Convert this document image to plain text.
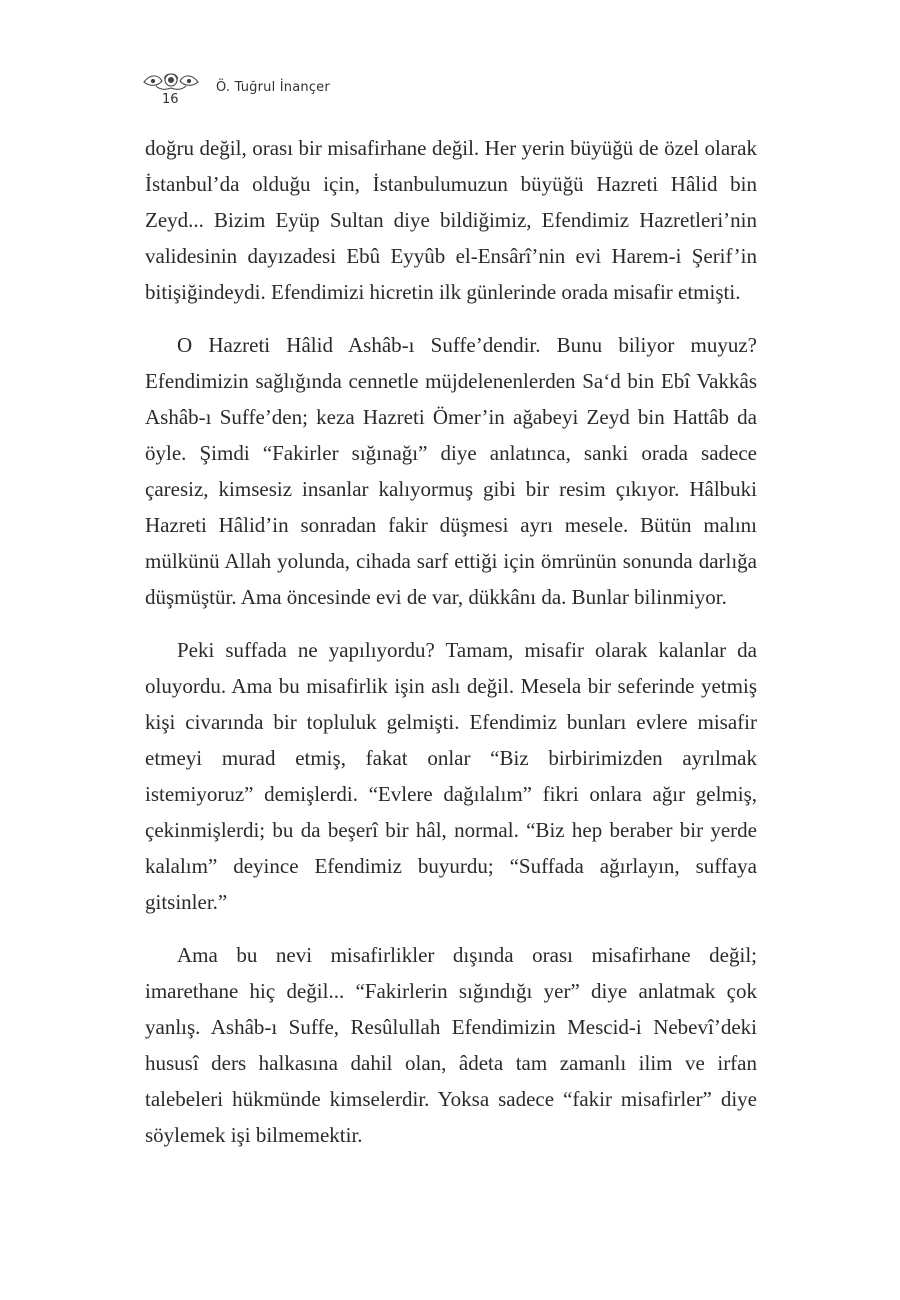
16
Ö. Tuğrul İnançer

doğru değil, orası bir misafirhane değil. Her yerin büyüğü de özel olarak İstanbul’da olduğu için, İstanbulumuzun büyüğü Hazreti Hâlid bin Zeyd... Bizim Eyüp Sultan diye bildiğimiz, Efendimiz Hazretleri’nin validesinin dayızadesi Ebû Eyyûb el-Ensârî’nin evi Harem-i Şerif’in bitişiğindeydi. Efendimizi hicretin ilk günlerinde orada misafir etmişti.

O Hazreti Hâlid Ashâb-ı Suffe’dendir. Bunu biliyor muyuz? Efendimizin sağlığında cennetle müjdelenenlerden Sa‘d bin Ebî Vakkâs Ashâb-ı Suffe’den; keza Hazreti Ömer’in ağabeyi Zeyd bin Hattâb da öyle. Şimdi “Fakirler sığınağı” diye anlatınca, sanki orada sadece çaresiz, kimsesiz insanlar kalıyormuş gibi bir resim çıkıyor. Hâlbuki Hazreti Hâlid’in sonradan fakir düşmesi ayrı mesele. Bütün malını mülkünü Allah yolunda, cihada sarf ettiği için ömrünün sonunda darlığa düşmüştür. Ama öncesinde evi de var, dükkânı da. Bunlar bilinmiyor.

Peki suffada ne yapılıyordu? Tamam, misafir olarak kalanlar da oluyordu. Ama bu misafirlik işin aslı değil. Mesela bir seferinde yetmiş kişi civarında bir topluluk gelmişti. Efendimiz bunları evlere misafir etmeyi murad etmiş, fakat onlar “Biz birbirimizden ayrılmak istemiyoruz” demişlerdi. “Evlere dağılalım” fikri onlara ağır gelmiş, çekinmişlerdi; bu da beşerî bir hâl, normal. “Biz hep beraber bir yerde kalalım” deyince Efendimiz buyurdu; “Suffada ağırlayın, suffaya gitsinler.”

Ama bu nevi misafirlikler dışında orası misafirhane değil; imarethane hiç değil... “Fakirlerin sığındığı yer” diye anlatmak çok yanlış. Ashâb-ı Suffe, Resûlullah Efendimizin Mescid-i Nebevî’deki hususî ders halkasına dahil olan, âdeta tam zamanlı ilim ve irfan talebeleri hükmünde kimselerdir. Yoksa sadece “fakir misafirler” diye söylemek işi bilmemektir.
